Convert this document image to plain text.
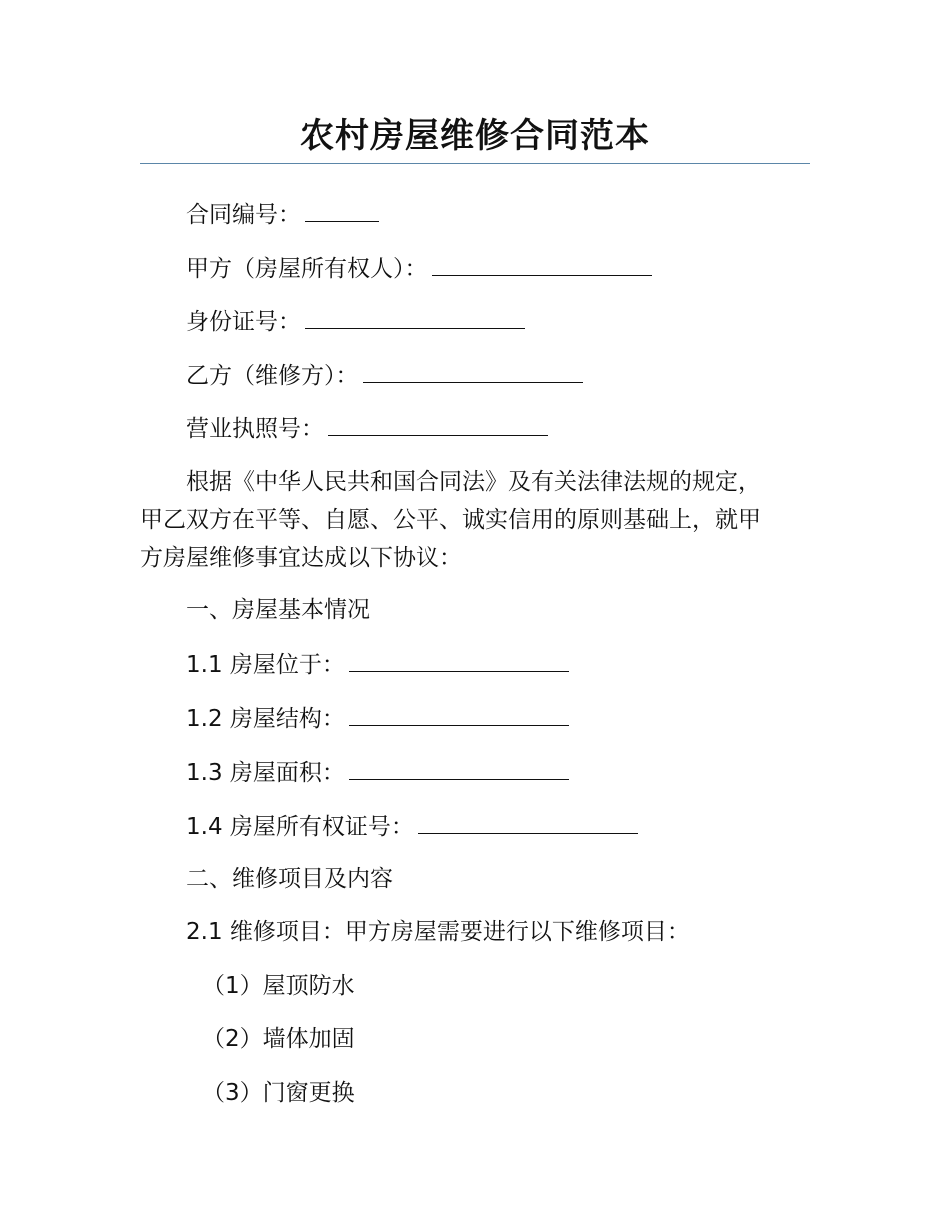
农村房屋维修合同范本
合同编号：
甲方（房屋所有权人）：
身份证号：
乙方（维修方）：
营业执照号：
根据《中华人民共和国合同法》及有关法律法规的规定，
甲乙双方在平等、自愿、公平、诚实信用的原则基础上，就甲
方房屋维修事宜达成以下协议：
一、房屋基本情况
1.1 房屋位于：
1.2 房屋结构：
1.3 房屋面积：
1.4 房屋所有权证号：
二、维修项目及内容
2.1 维修项目：甲方房屋需要进行以下维修项目：
（1）屋顶防水
（2）墙体加固
（3）门窗更换
